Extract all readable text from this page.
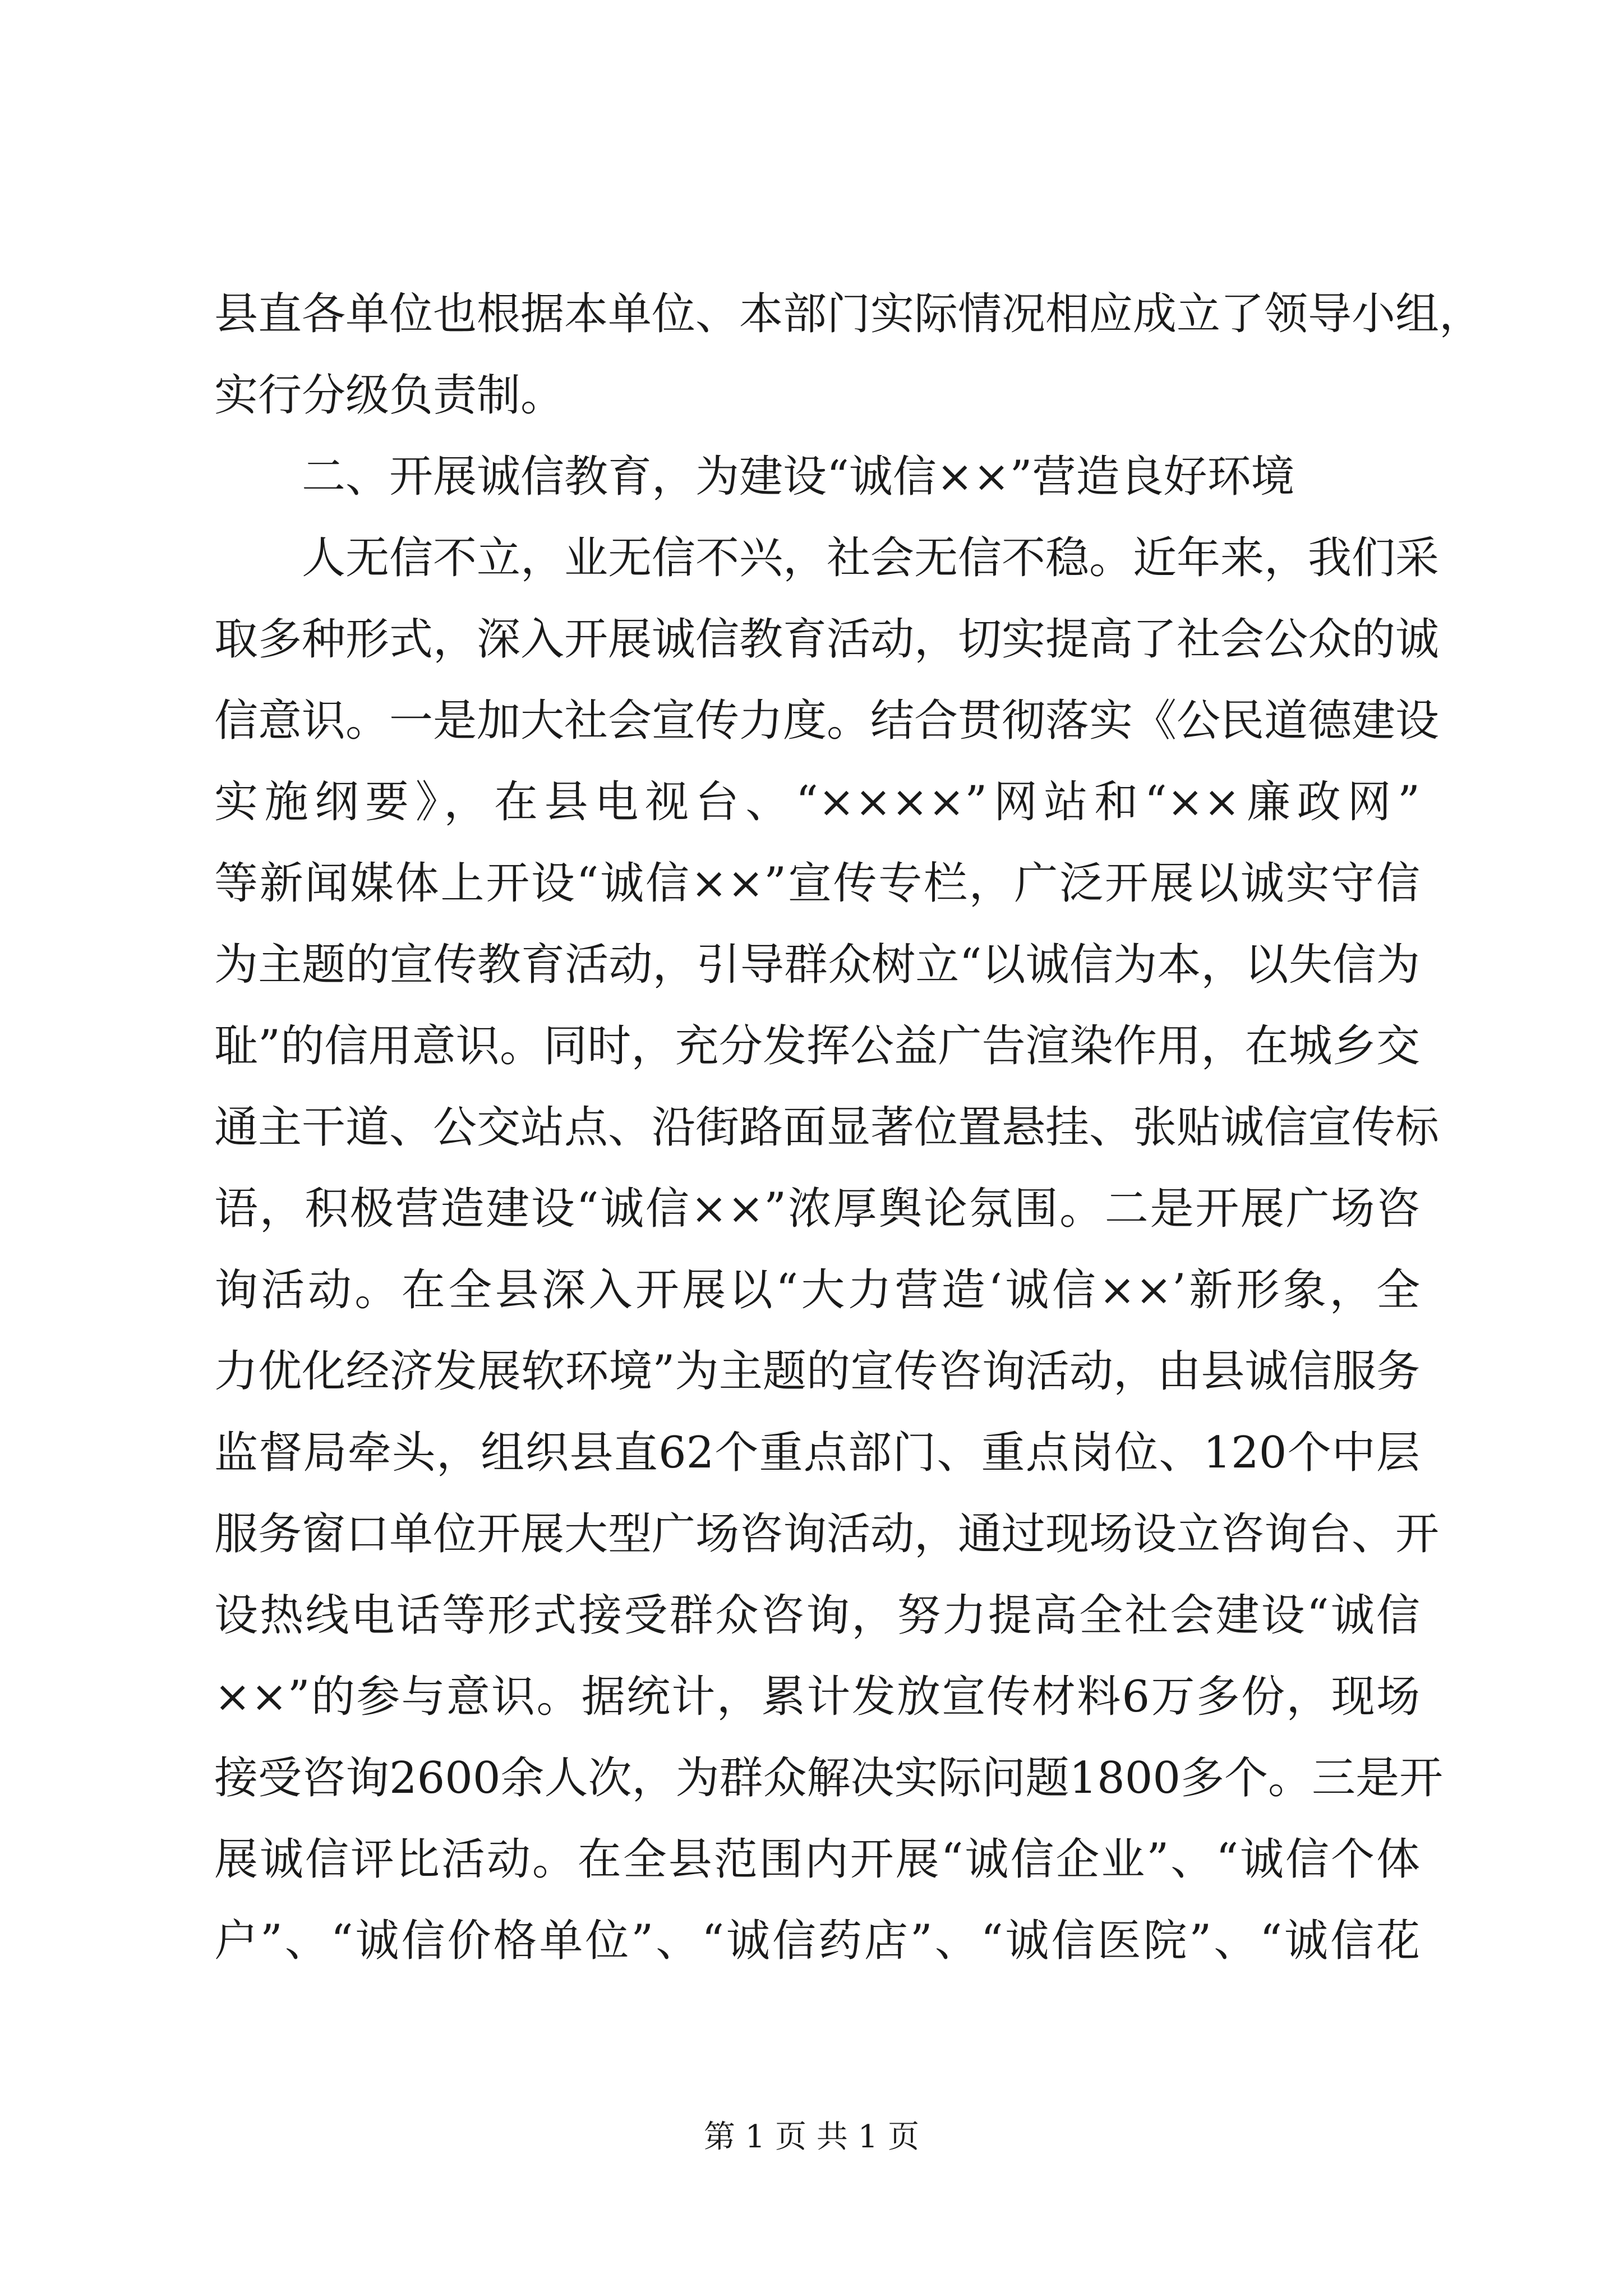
县直各单位也根据本单位、本部门实际情况相应成立了领导小组，
实行分级负责制。
二、开展诚信教育，为建设“诚信××”营造良好环境
人无信不立，业无信不兴，社会无信不稳。近年来，我们采
取多种形式，深入开展诚信教育活动，切实提高了社会公众的诚
信意识。一是加大社会宣传力度。结合贯彻落实《公民道德建设
实施纲要》，在县电视台、“××××”网站和“××廉政网”
等新闻媒体上开设“诚信××”宣传专栏，广泛开展以诚实守信
为主题的宣传教育活动，引导群众树立“以诚信为本，以失信为
耻”的信用意识。同时，充分发挥公益广告渲染作用，在城乡交
通主干道、公交站点、沿街路面显著位置悬挂、张贴诚信宣传标
语，积极营造建设“诚信××”浓厚舆论氛围。二是开展广场咨
询活动。在全县深入开展以“大力营造‘诚信××’新形象，全
力优化经济发展软环境”为主题的宣传咨询活动，由县诚信服务
监督局牵头，组织县直62个重点部门、重点岗位、120个中层
服务窗口单位开展大型广场咨询活动，通过现场设立咨询台、开
设热线电话等形式接受群众咨询，努力提高全社会建设“诚信
××”的参与意识。据统计，累计发放宣传材料6万多份，现场
接受咨询2600余人次，为群众解决实际问题1800多个。三是开
展诚信评比活动。在全县范围内开展“诚信企业”、“诚信个体
户”、“诚信价格单位”、“诚信药店”、“诚信医院”、“诚信花
第 1 页 共 1 页
